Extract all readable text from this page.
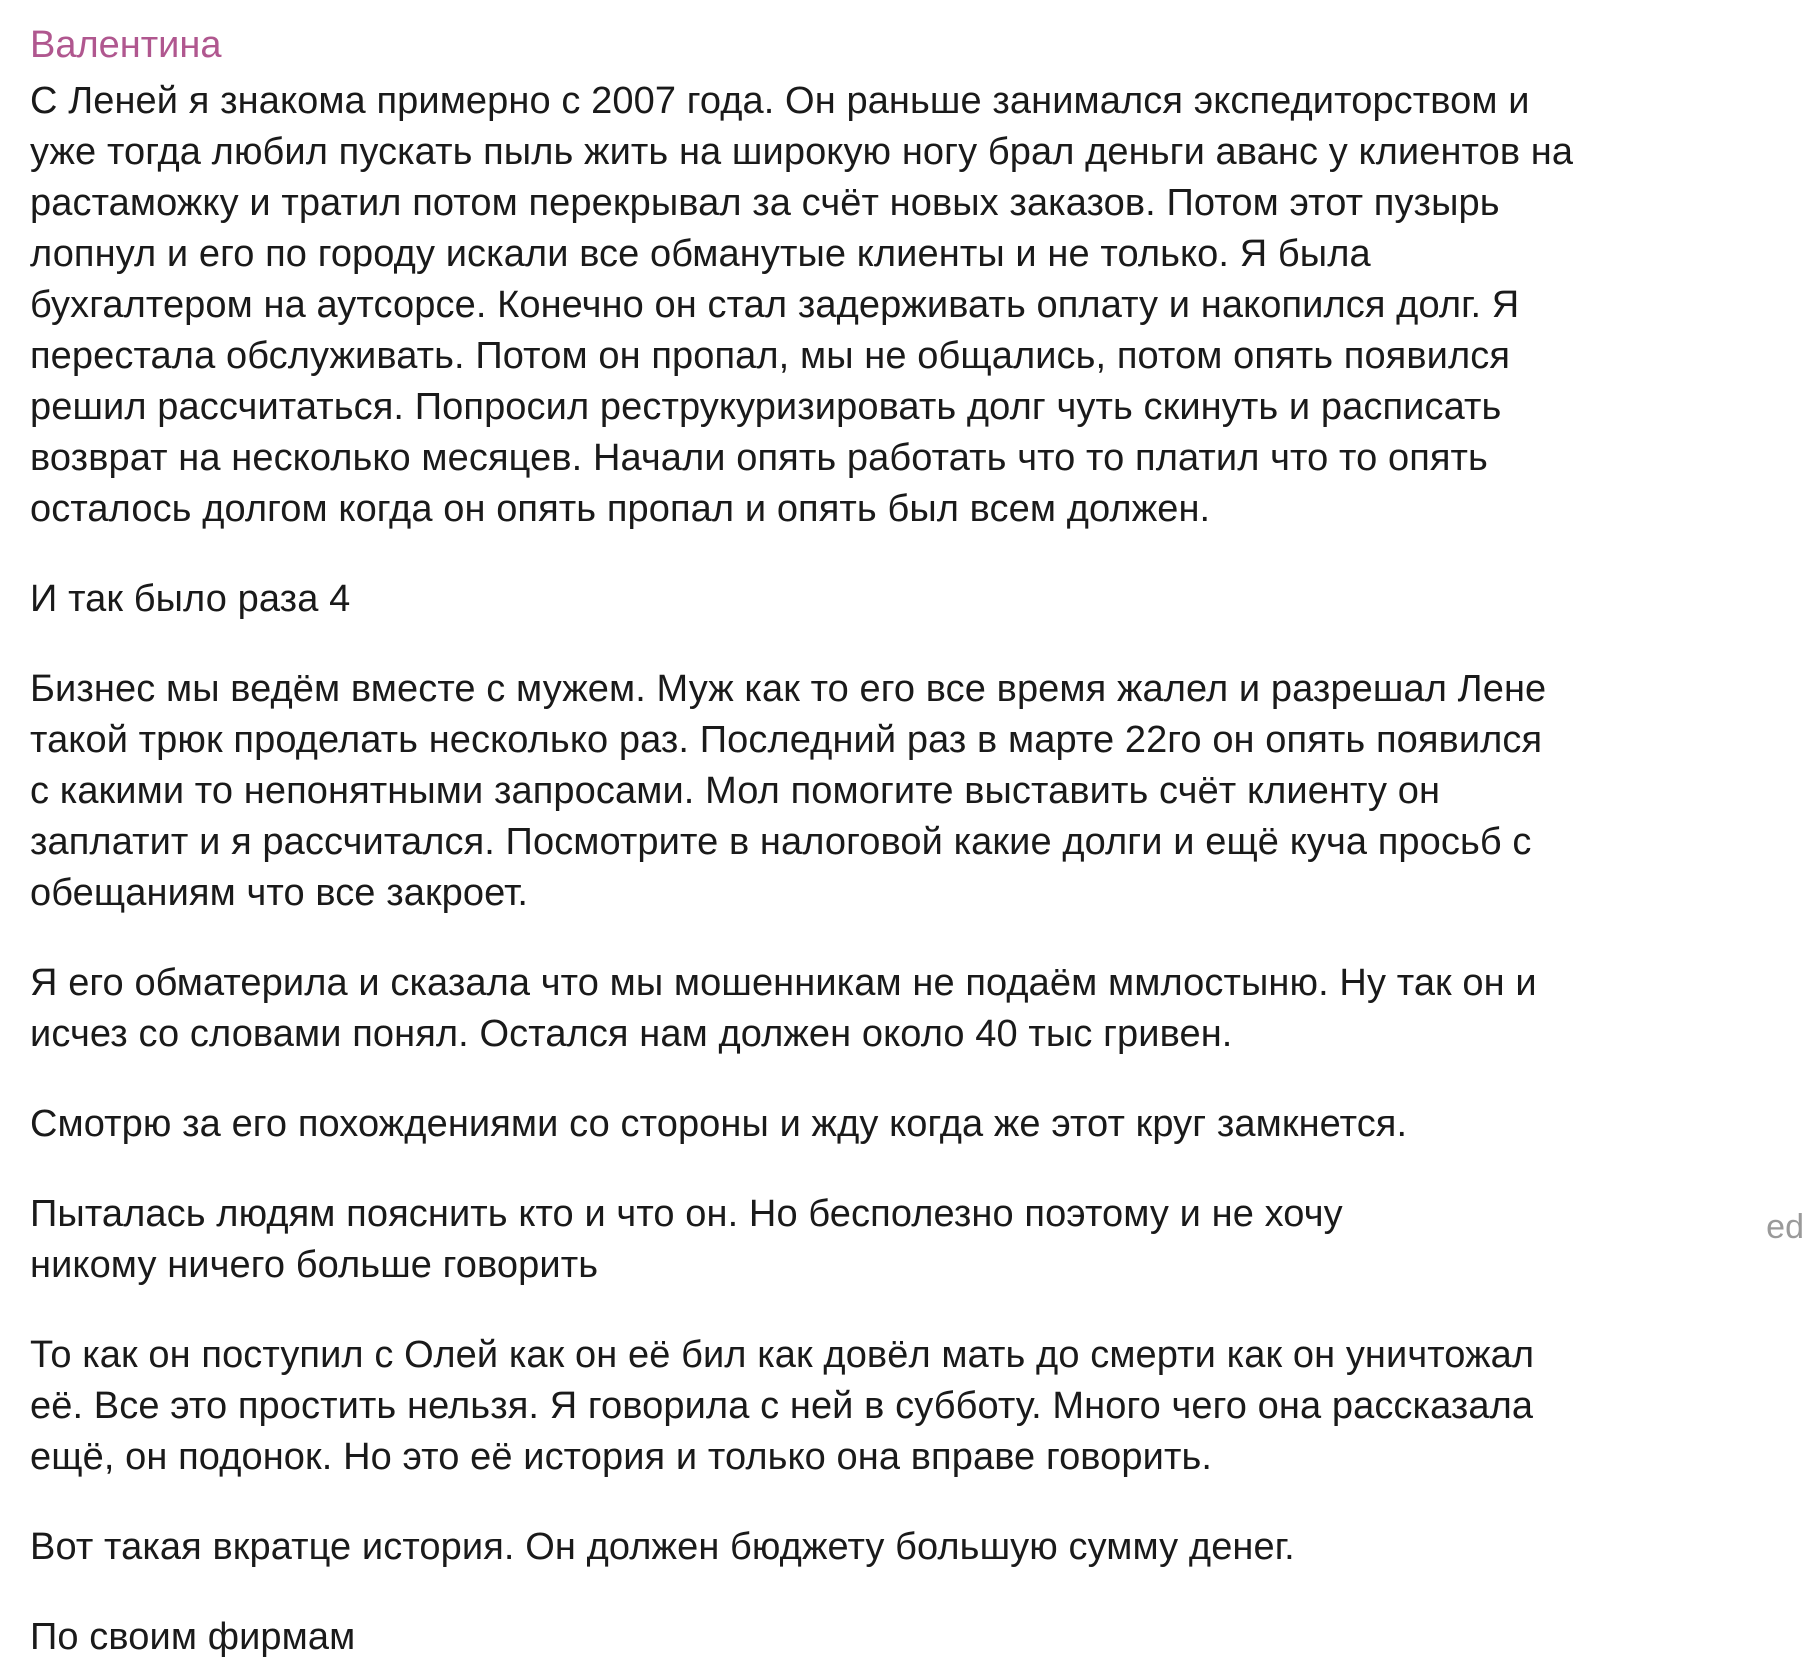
Валентина
С Леней я знакома примерно с 2007 года. Он раньше занимался экспедиторством и
уже тогда любил пускать пыль жить на широкую ногу брал деньги аванс у клиентов на
растаможку и тратил потом перекрывал за счёт новых заказов. Потом этот пузырь
лопнул и его по городу искали все обманутые клиенты и не только. Я была
бухгалтером на аутсорсе. Конечно он стал задерживать оплату и накопился долг. Я
перестала обслуживать. Потом он пропал, мы не общались, потом опять появился
решил рассчитаться. Попросил реструкуризировать долг чуть скинуть и расписать
возврат на несколько месяцев. Начали опять работать что то платил что то опять
осталось долгом когда он опять пропал и опять был всем должен.
И так было раза 4
Бизнес мы ведём вместе с мужем. Муж как то его все время жалел и разрешал Лене
такой трюк проделать несколько раз. Последний раз в марте 22го он опять появился
с какими то непонятными запросами. Мол помогите выставить счёт клиенту он
заплатит и я рассчитался. Посмотрите в налоговой какие долги и ещё куча просьб с
обещаниям что все закроет.
Я его обматерила и сказала что мы мошенникам не подаём ммлостыню. Ну так он и
исчез со словами понял. Остался нам должен около 40 тыс гривен.
Смотрю за его похождениями со стороны и жду когда же этот круг замкнется.
Пыталась людям пояснить кто и что он. Но бесполезно поэтому и не хочу
никому ничего больше говорить
То как он поступил с Олей как он её бил как довёл мать до смерти как он уничтожал
её. Все это простить нельзя. Я говорила с ней в субботу. Много чего она рассказала
ещё, он подонок. Но это её история и только она вправе говорить.
Вот такая вкратце история. Он должен бюджету большую сумму денег.
По своим фирмам
ed
